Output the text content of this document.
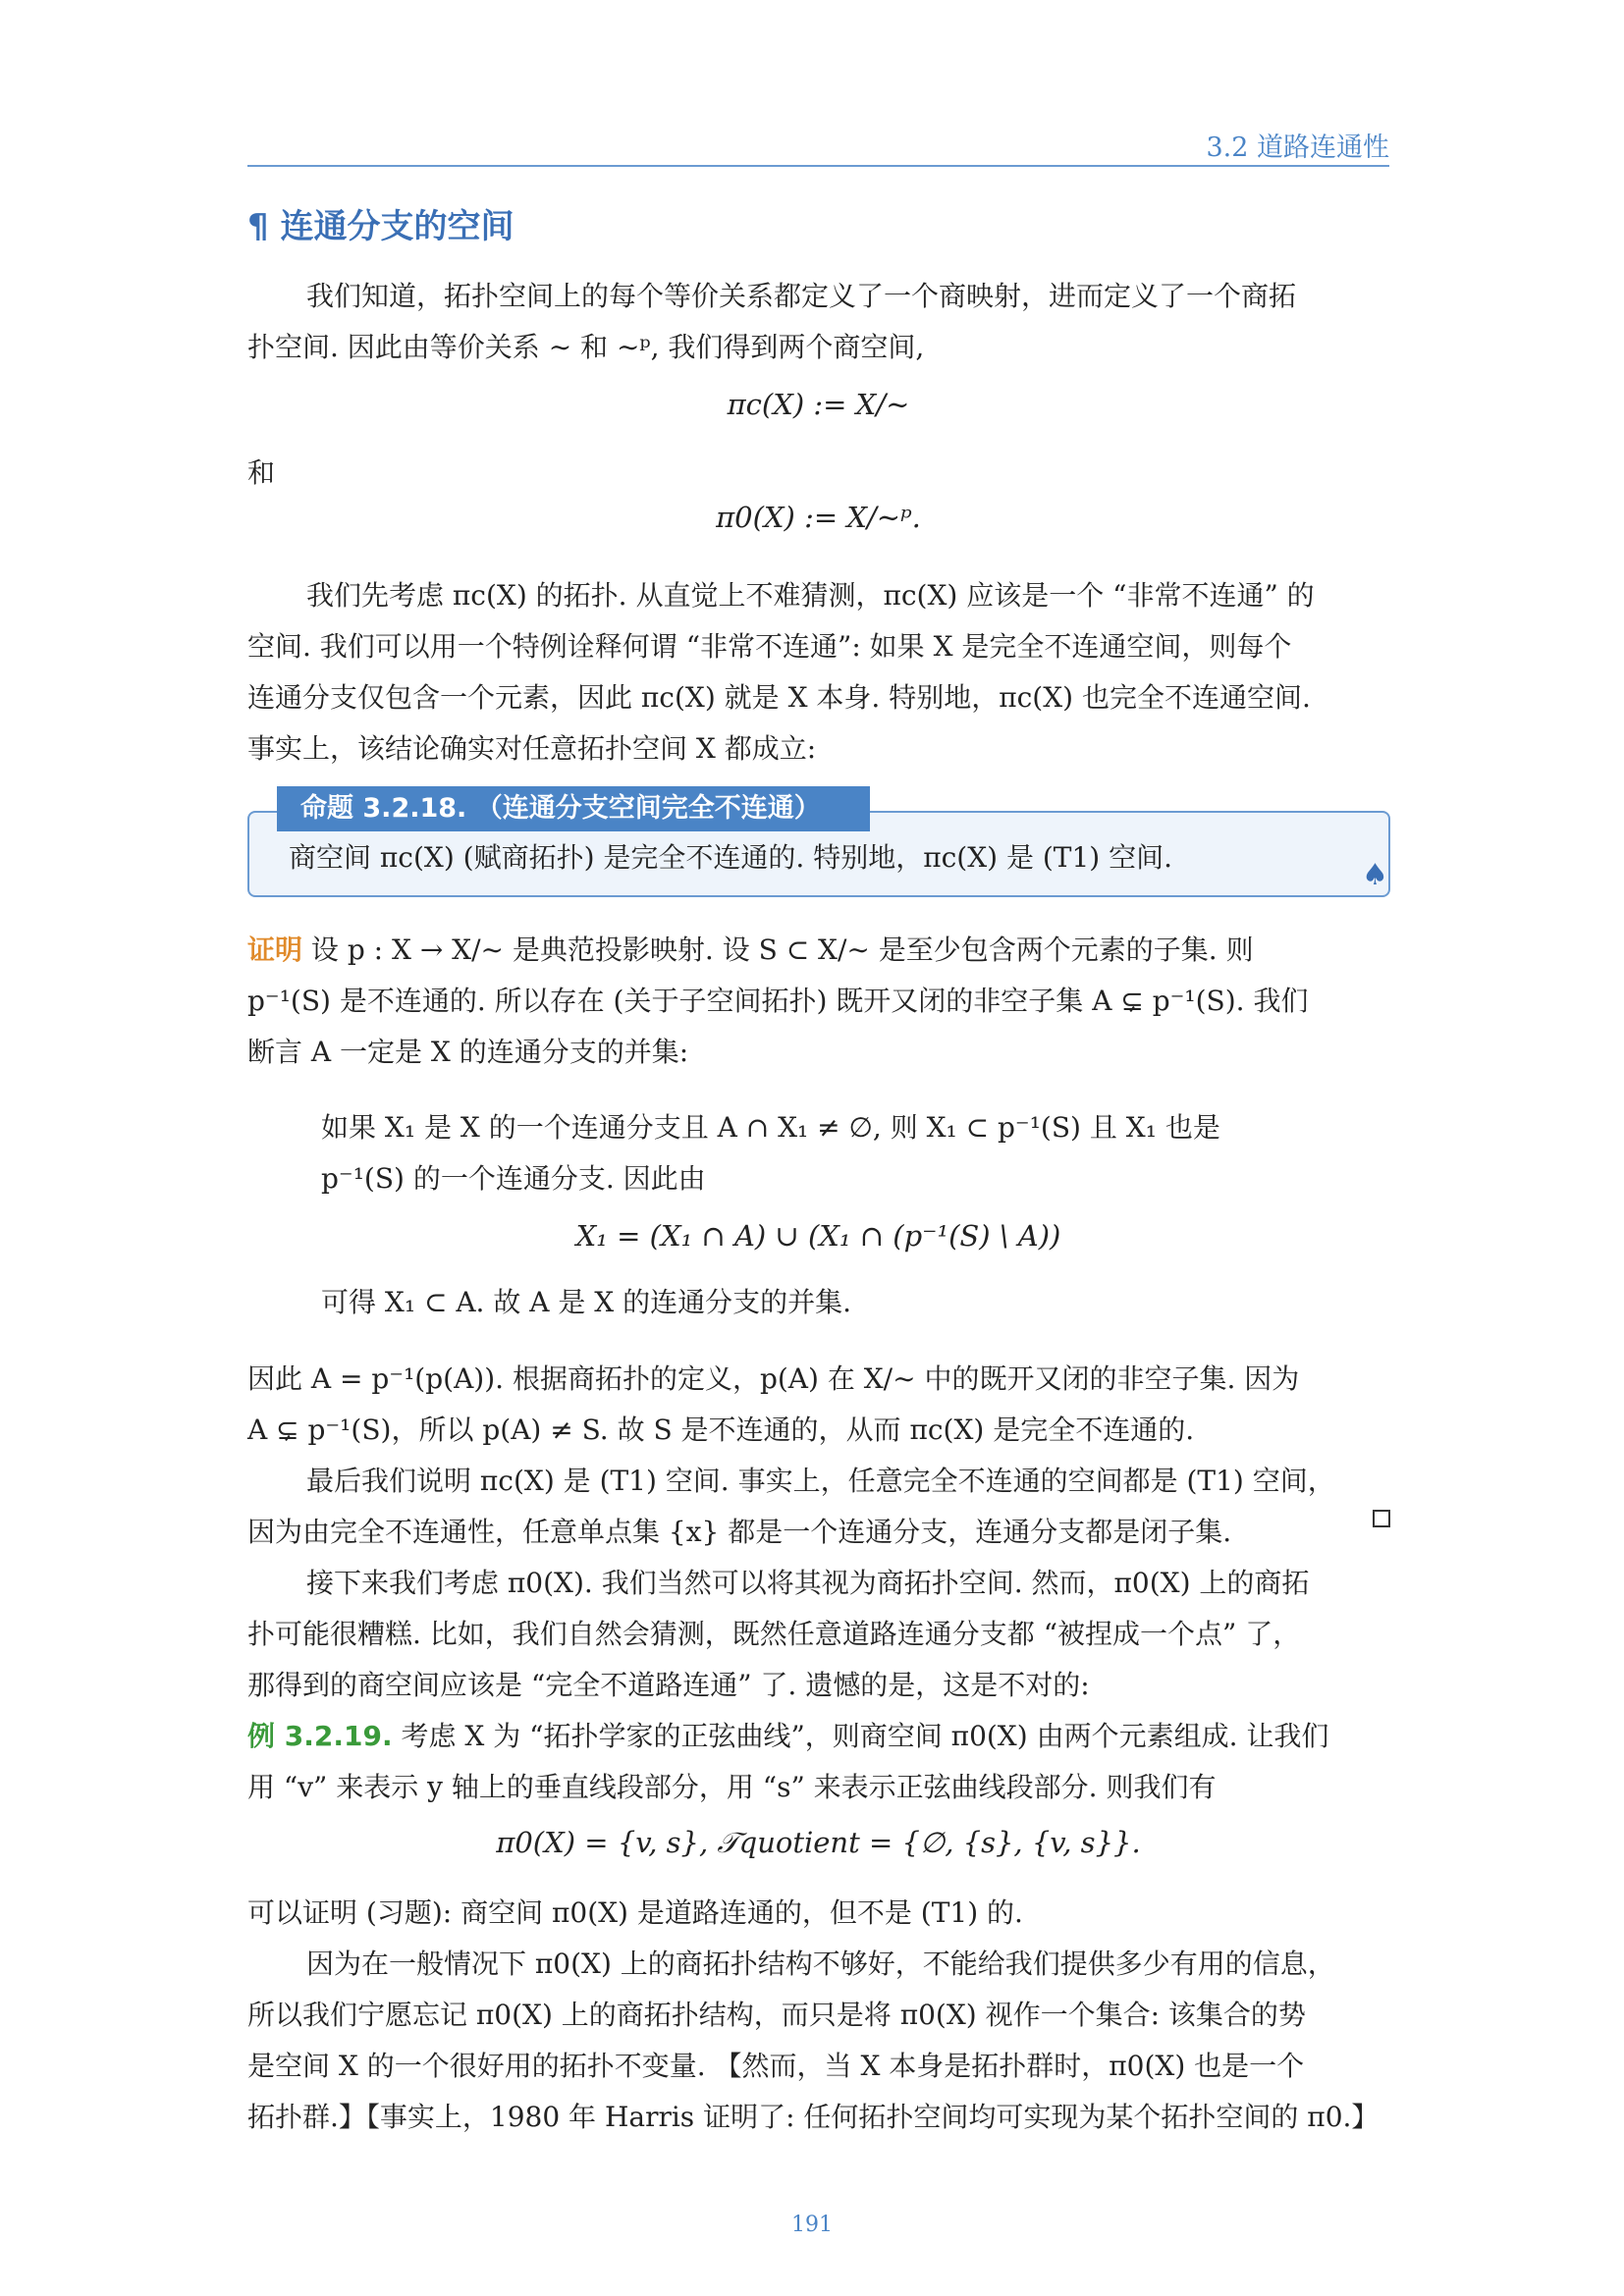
3.2 道路连通性
¶ 连通分支的空间
我们知道，拓扑空间上的每个等价关系都定义了一个商映射，进而定义了一个商拓
扑空间. 因此由等价关系 ∼ 和 ∼ᵖ, 我们得到两个商空间,
πc(X) := X/∼
和
π0(X) := X/∼ᵖ.
我们先考虑 πc(X) 的拓扑. 从直觉上不难猜测，πc(X) 应该是一个 “非常不连通” 的
空间. 我们可以用一个特例诠释何谓 “非常不连通”: 如果 X 是完全不连通空间，则每个
连通分支仅包含一个元素，因此 πc(X) 就是 X 本身. 特别地，πc(X) 也完全不连通空间.
事实上，该结论确实对任意拓扑空间 X 都成立:
命题 3.2.18. （连通分支空间完全不连通）
商空间 πc(X) (赋商拓扑) 是完全不连通的. 特别地，πc(X) 是 (T1) 空间.
♠
证明 设 p : X → X/∼ 是典范投影映射. 设 S ⊂ X/∼ 是至少包含两个元素的子集. 则
p⁻¹(S) 是不连通的. 所以存在 (关于子空间拓扑) 既开又闭的非空子集 A ⊊ p⁻¹(S). 我们
断言 A 一定是 X 的连通分支的并集:
如果 X₁ 是 X 的一个连通分支且 A ∩ X₁ ≠ ∅, 则 X₁ ⊂ p⁻¹(S) 且 X₁ 也是
p⁻¹(S) 的一个连通分支. 因此由
X₁ = (X₁ ∩ A) ∪ (X₁ ∩ (p⁻¹(S) \ A))
可得 X₁ ⊂ A. 故 A 是 X 的连通分支的并集.
因此 A = p⁻¹(p(A)). 根据商拓扑的定义，p(A) 在 X/∼ 中的既开又闭的非空子集. 因为
A ⊊ p⁻¹(S)，所以 p(A) ≠ S. 故 S 是不连通的，从而 πc(X) 是完全不连通的.
最后我们说明 πc(X) 是 (T1) 空间. 事实上，任意完全不连通的空间都是 (T1) 空间，
因为由完全不连通性，任意单点集 {x} 都是一个连通分支，连通分支都是闭子集.
接下来我们考虑 π0(X). 我们当然可以将其视为商拓扑空间. 然而，π0(X) 上的商拓
扑可能很糟糕. 比如，我们自然会猜测，既然任意道路连通分支都 “被捏成一个点” 了，
那得到的商空间应该是 “完全不道路连通” 了. 遗憾的是，这是不对的:
例 3.2.19. 考虑 X 为 “拓扑学家的正弦曲线”，则商空间 π0(X) 由两个元素组成. 让我们
用 “v” 来表示 y 轴上的垂直线段部分，用 “s” 来表示正弦曲线段部分. 则我们有
π0(X) = {v, s}, 𝒯quotient = {∅, {s}, {v, s}}.
可以证明 (习题): 商空间 π0(X) 是道路连通的，但不是 (T1) 的.
因为在一般情况下 π0(X) 上的商拓扑结构不够好，不能给我们提供多少有用的信息，
所以我们宁愿忘记 π0(X) 上的商拓扑结构，而只是将 π0(X) 视作一个集合: 该集合的势
是空间 X 的一个很好用的拓扑不变量. 【然而，当 X 本身是拓扑群时，π0(X) 也是一个
拓扑群.】【事实上，1980 年 Harris 证明了: 任何拓扑空间均可实现为某个拓扑空间的 π0.】
191
